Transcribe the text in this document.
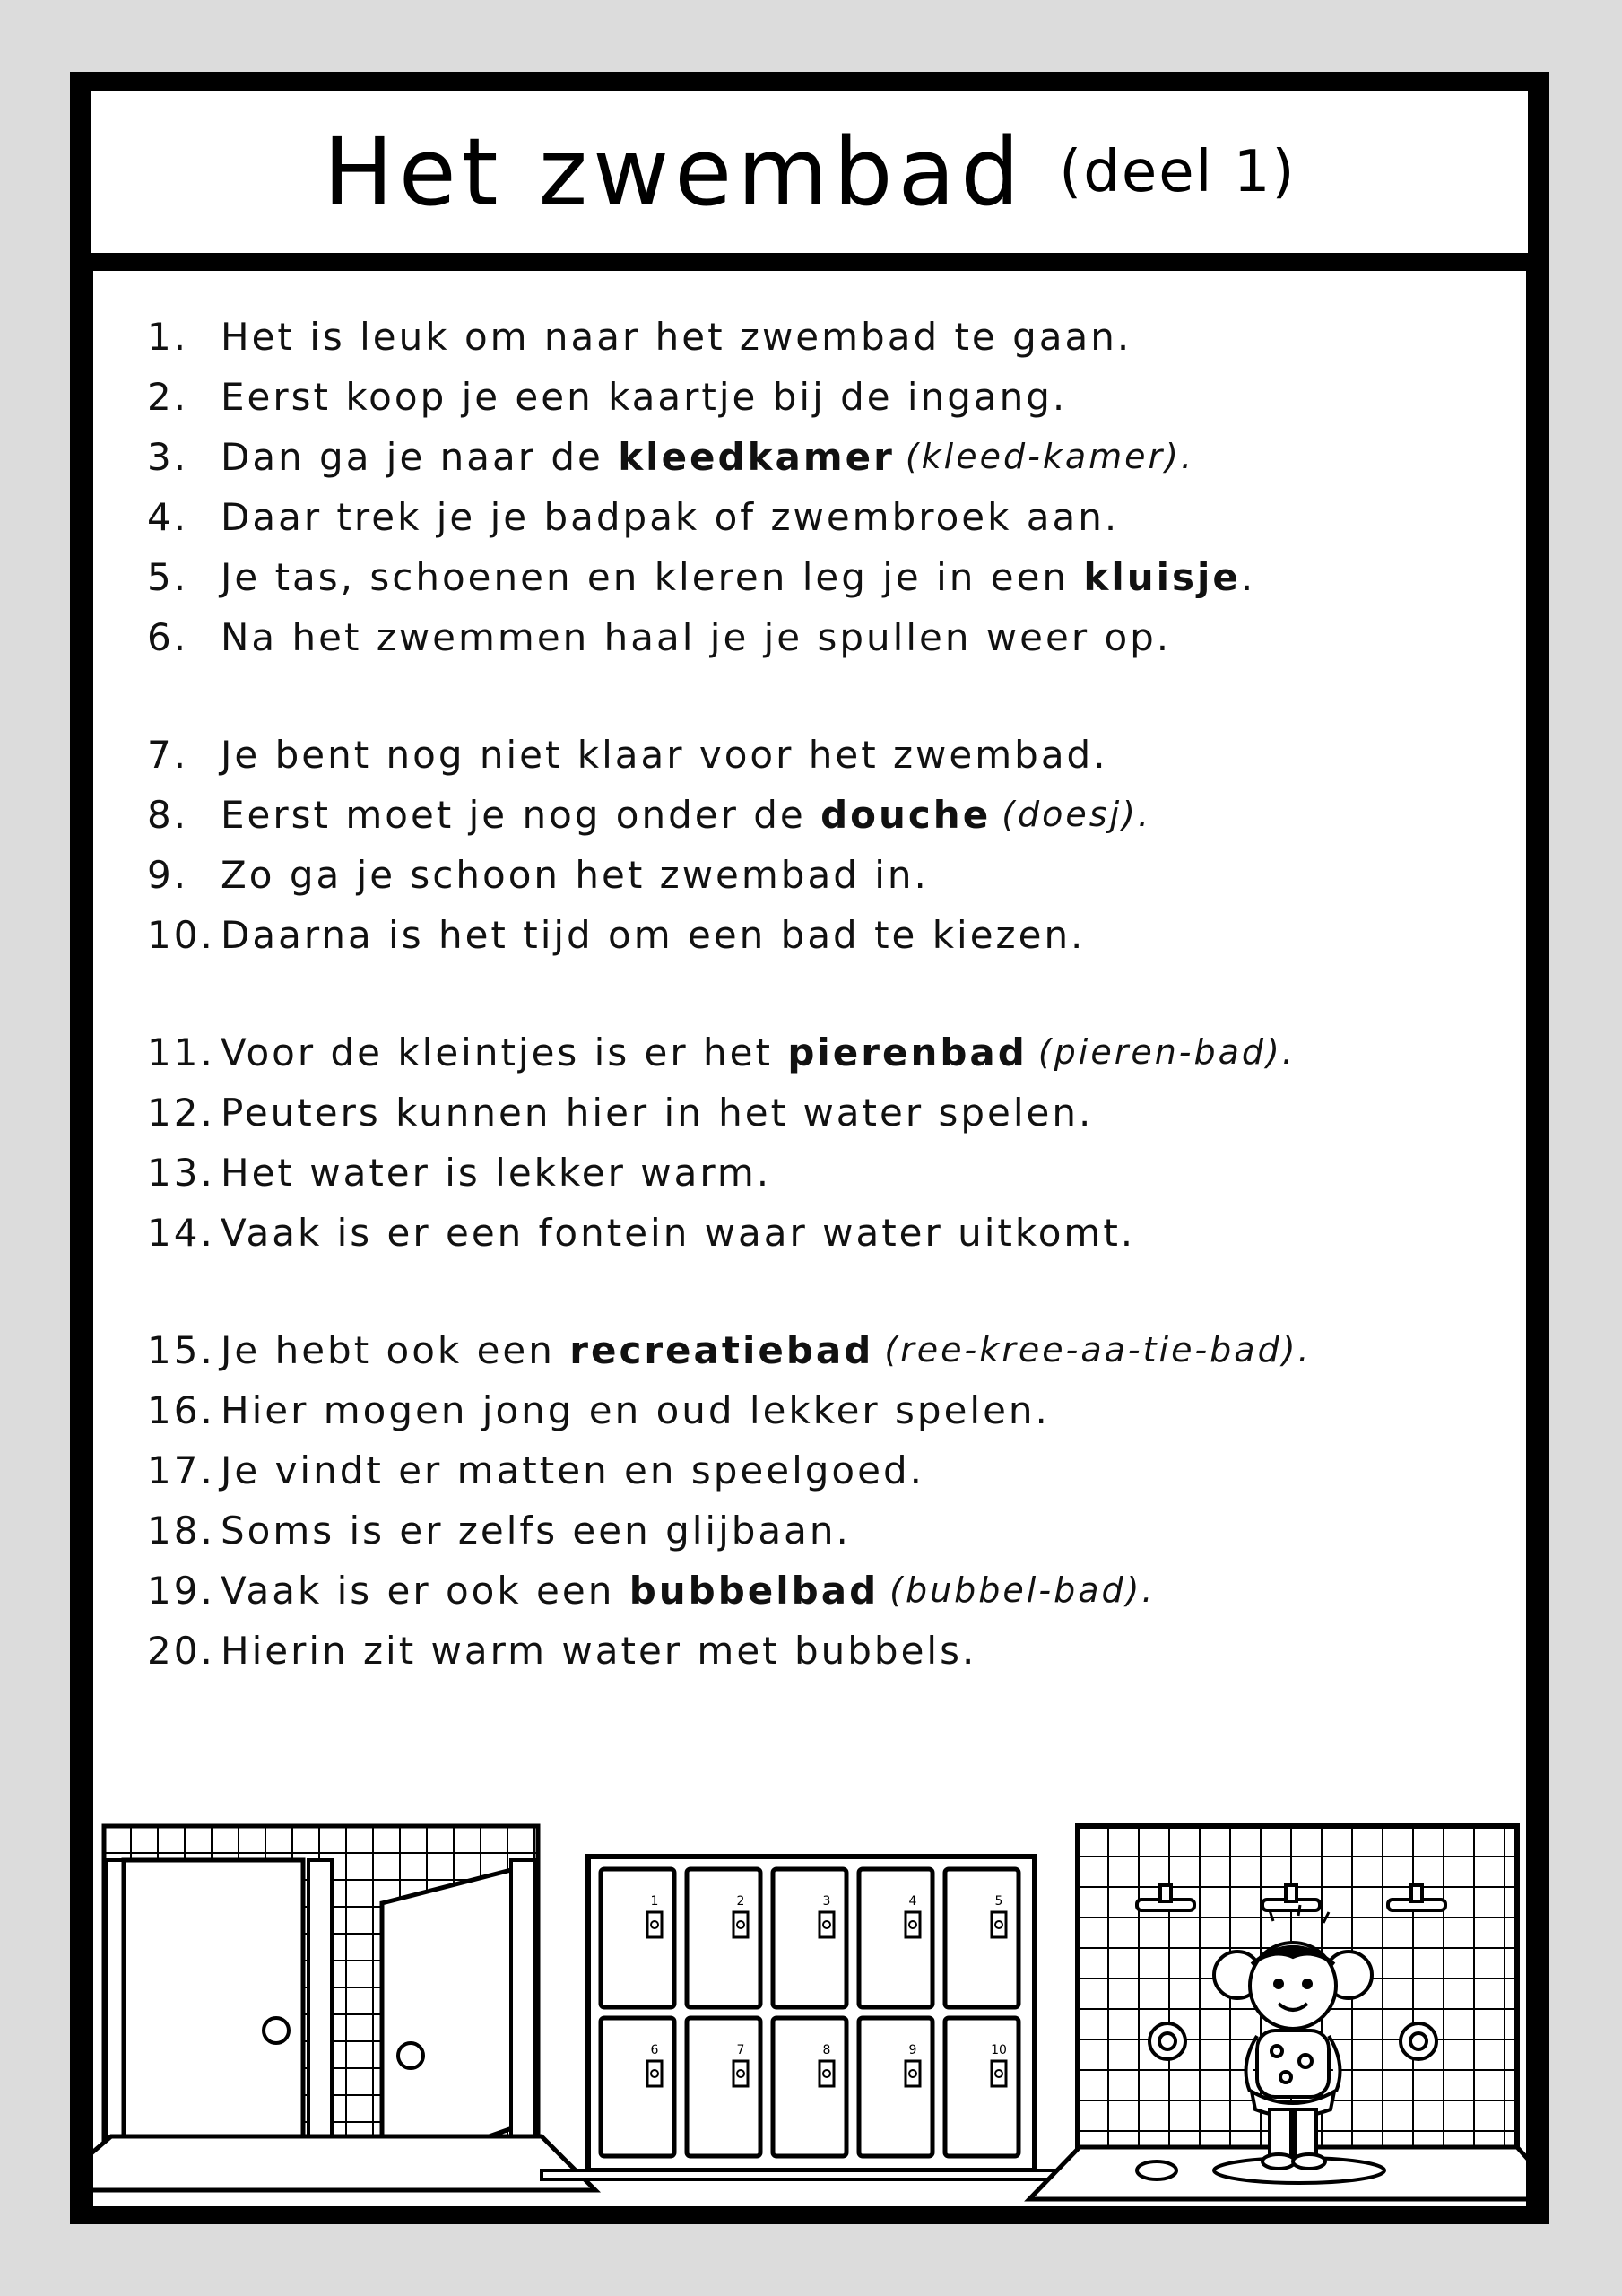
Het zwembad (deel 1)
1. Het is leuk om naar het zwembad te gaan.
2. Eerst koop je een kaartje bij de ingang.
3. Dan ga je naar de
kleedkamer (kleed-kamer).
4. Daar trek je je badpak of zwembroek aan.
5. Je tas, schoenen en kleren leg je in een
kluisje .
6. Na het zwemmen haal je je spullen weer op.
7. Je bent nog niet klaar voor het zwembad.
8. Eerst moet je nog onder de
douche (doesj).
9. Zo ga je schoon het zwembad in.
10. Daarna is het tijd om een bad te kiezen.
11. Voor de kleintjes is er het
pierenbad (pieren-bad).
12. Peuters kunnen hier in het water spelen.
13. Het water is lekker warm.
14. Vaak is er een fontein waar water uitkomt.
15. Je hebt ook een
recreatiebad (ree-kree-aa-tie-bad).
16. Hier mogen jong en oud lekker spelen.
17. Je vindt er matten en speelgoed.
18. Soms is er zelfs een glijbaan.
19. Vaak is er ook een
bubbelbad (bubbel-bad).
20. Hierin zit warm water met bubbels.
1	2	3	4	5
6	7	8	9	10
